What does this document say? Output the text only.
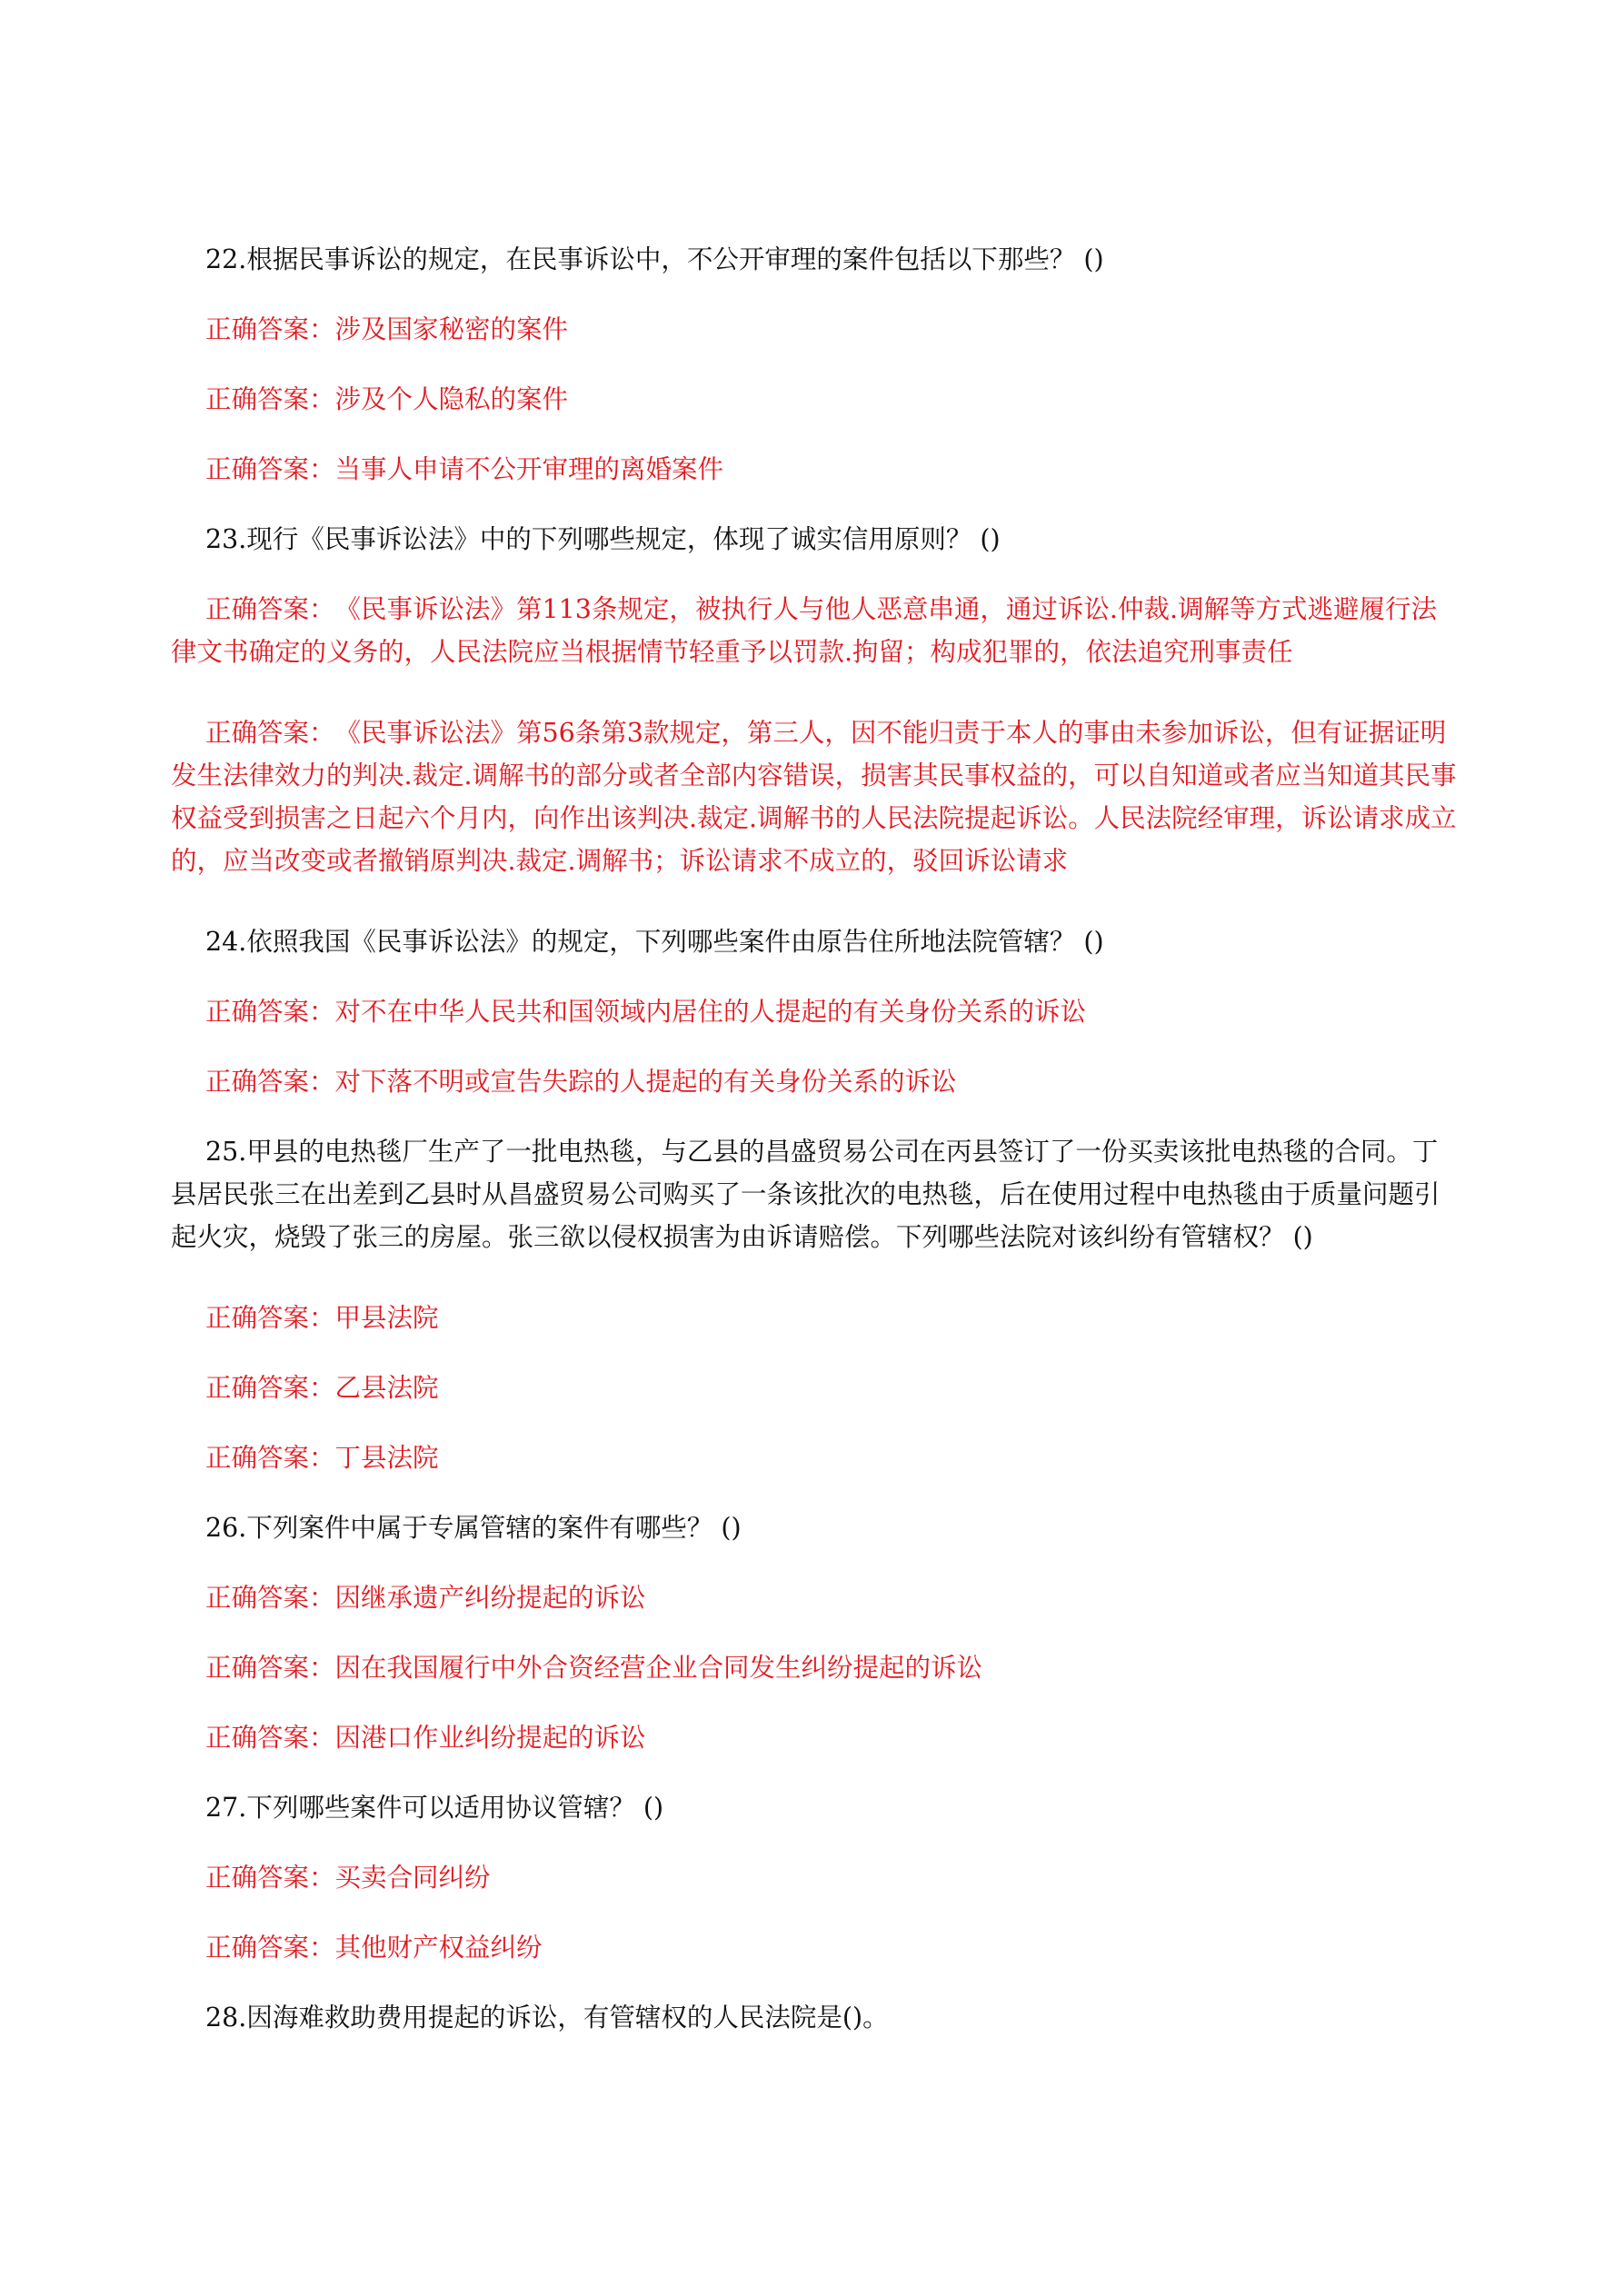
22.根据民事诉讼的规定，在民事诉讼中，不公开审理的案件包括以下那些？ ()

正确答案：涉及国家秘密的案件

正确答案：涉及个人隐私的案件

正确答案：当事人申请不公开审理的离婚案件

23.现行《民事诉讼法》中的下列哪些规定，体现了诚实信用原则？ ()

正确答案：　《民事诉讼法》第113条规定，被执行人与他人恶意串通，通过诉讼.仲裁.调解等方式逃避履行法律文书确定的义务的，人民法院应当根据情节轻重予以罚款.拘留；构成犯罪的，依法追究刑事责任

正确答案：　《民事诉讼法》第56条第3款规定，第三人，因不能归责于本人的事由未参加诉讼，但有证据证明发生法律效力的判决.裁定.调解书的部分或者全部内容错误，损害其民事权益的，可以自知道或者应当知道其民事权益受到损害之日起六个月内，向作出该判决.裁定.调解书的人民法院提起诉讼。人民法院经审理，诉讼请求成立的，应当改变或者撤销原判决.裁定.调解书；诉讼请求不成立的，驳回诉讼请求

24.依照我国《民事诉讼法》的规定，下列哪些案件由原告住所地法院管辖？ ()

正确答案：对不在中华人民共和国领域内居住的人提起的有关身份关系的诉讼

正确答案：对下落不明或宣告失踪的人提起的有关身份关系的诉讼

25.甲县的电热毯厂生产了一批电热毯，与乙县的昌盛贸易公司在丙县签订了一份买卖该批电热毯的合同。丁县居民张三在出差到乙县时从昌盛贸易公司购买了一条该批次的电热毯，后在使用过程中电热毯由于质量问题引起火灾，烧毁了张三的房屋。张三欲以侵权损害为由诉请赔偿。下列哪些法院对该纠纷有管辖权？ ()

正确答案：甲县法院

正确答案：乙县法院

正确答案：丁县法院

26.下列案件中属于专属管辖的案件有哪些？ ()

正确答案：因继承遗产纠纷提起的诉讼

正确答案：因在我国履行中外合资经营企业合同发生纠纷提起的诉讼

正确答案：因港口作业纠纷提起的诉讼

27.下列哪些案件可以适用协议管辖？ ()

正确答案：买卖合同纠纷

正确答案：其他财产权益纠纷

28.因海难救助费用提起的诉讼，有管辖权的人民法院是()。
